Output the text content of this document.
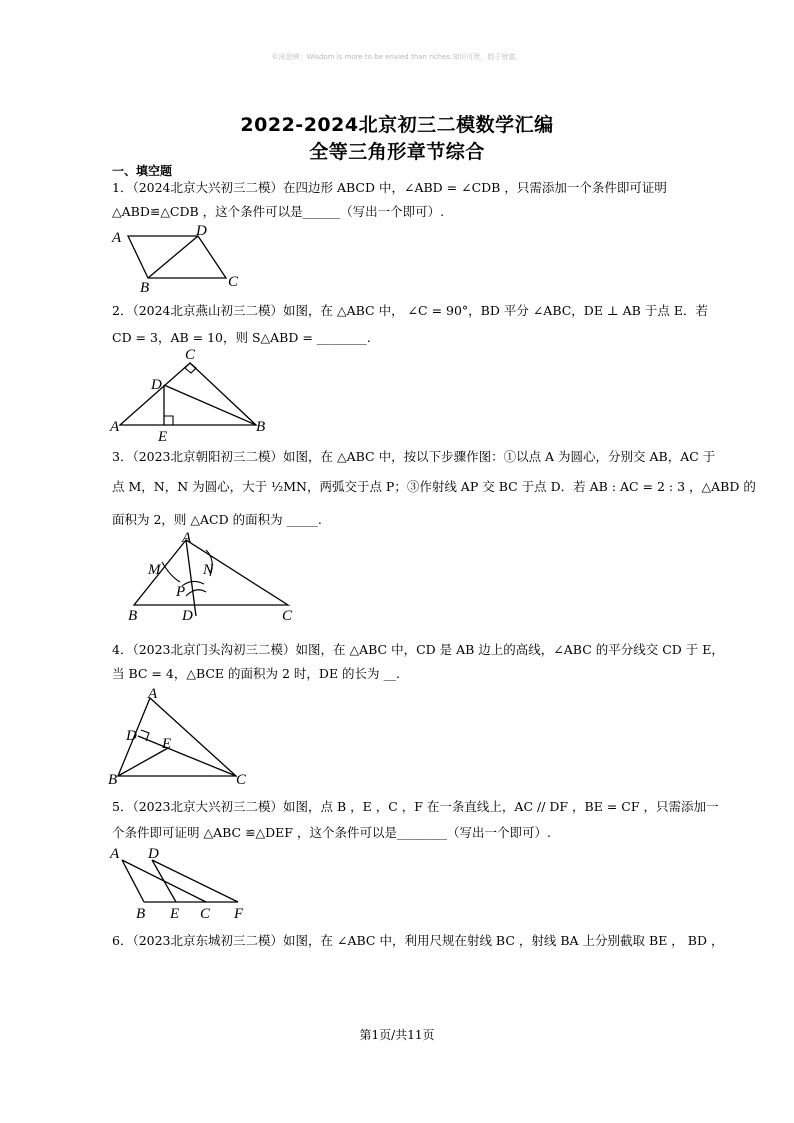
©泳思辨：Wisdom is more to be envied than riches.知识可贵，胜于财富。
2022-2024北京初三二模数学汇编
全等三角形章节综合
一、填空题
1．（2024北京大兴初三二模）在四边形 ABCD 中，∠ABD = ∠CDB ，只需添加一个条件即可证明
△ABD≌△CDB ，这个条件可以是______（写出一个即可）.
A	D
B	C
2．（2024北京燕山初三二模）如图，在 △ABC 中， ∠C = 90°，BD 平分 ∠ABC，DE ⊥ AB 于点 E．若
CD = 3，AB = 10，则 S△ABD = ________.
C
D
A	B
E
3．（2023北京朝阳初三二模）如图，在 △ABC 中，按以下步骤作图：①以点 A 为圆心，分别交 AB，AC 于
点 M，N，N 为圆心，大于 ½MN，两弧交于点 P；③作射线 AP 交 BC 于点 D．若 AB : AC = 2 : 3 ，△ABD 的
面积为 2，则 △ACD 的面积为 _____.
A
M	N
P
B	D	C
4．（2023北京门头沟初三二模）如图，在 △ABC 中，CD 是 AB 边上的高线，∠ABC 的平分线交 CD 于 E，
当 BC = 4，△BCE 的面积为 2 时，DE 的长为 __.
A
D E
B	C
5．（2023北京大兴初三二模）如图，点 B ，E ，C ，F 在一条直线上，AC // DF ，BE = CF ，只需添加一
个条件即可证明 △ABC ≌△DEF ，这个条件可以是________（写出一个即可）.
A D
B E C F
6．（2023北京东城初三二模）如图，在 ∠ABC 中，利用尺规在射线 BC ，射线 BA 上分别截取 BE ， BD ，
第1页/共11页
